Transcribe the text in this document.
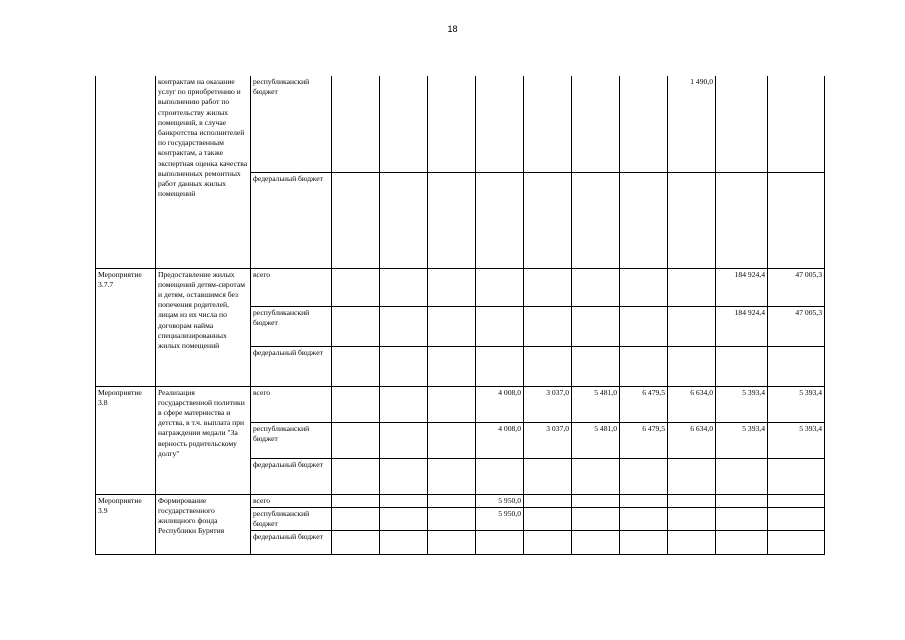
18
	контрактам на оказание услуг по приобретению и выполнению работ по строительству жилых помещений, в случае банкротства исполнителей по государственным контрактам, а также экспертная оценка качества выполненных ремонтных работ данных жилых помещений	республиканский бюджет								1 490,0			
		федеральный бюджет											
Мероприятие 3.7.7	Предоставление жилых помещений детям-сиротам и детям, оставшимся без попечения родителей, лицам из их числа по договорам найма специализированных жилых помещений	всего									184 924,4	47 005,3	
		республиканский бюджет									184 924,4	47 005,3	
		федеральный бюджет											
Мероприятие 3.8	Реализация государственной политики в сфере материнства и детства, в т.ч. выплата при награждении медали "За верность родительскому долгу"	всего				4 008,0	3 037,0	5 481,0	6 479,5	6 634,0	5 393,4	5 393,4	
		республиканский бюджет				4 008,0	3 037,0	5 481,0	6 479,5	6 634,0	5 393,4	5 393,4	
		федеральный бюджет											
Мероприятие 3.9	Формирование государственного жилищного фонда Республики Бурятия	всего				5 950,0							
		республиканский бюджет				5 950,0							
		федеральный бюджет											
